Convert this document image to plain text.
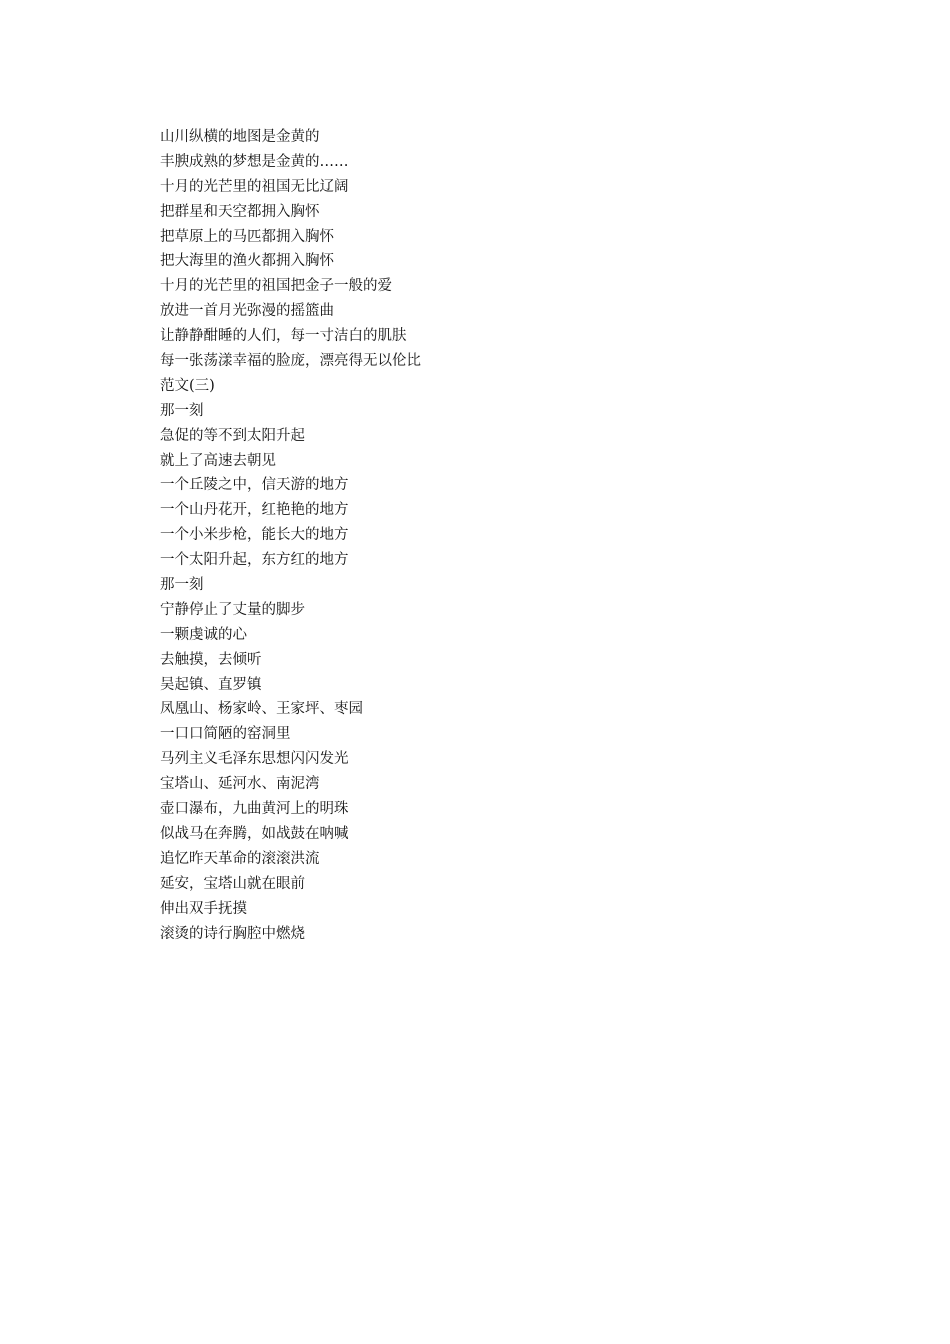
山川纵横的地图是金黄的
丰腴成熟的梦想是金黄的……
十月的光芒里的祖国无比辽阔
把群星和天空都拥入胸怀
把草原上的马匹都拥入胸怀
把大海里的渔火都拥入胸怀
十月的光芒里的祖国把金子一般的爱
放进一首月光弥漫的摇篮曲
让静静酣睡的人们，每一寸洁白的肌肤
每一张荡漾幸福的脸庞，漂亮得无以伦比
范文(三)
那一刻
急促的等不到太阳升起
就上了高速去朝见
一个丘陵之中，信天游的地方
一个山丹花开，红艳艳的地方
一个小米步枪，能长大的地方
一个太阳升起，东方红的地方
那一刻
宁静停止了丈量的脚步
一颗虔诚的心
去触摸，去倾听
吴起镇、直罗镇
凤凰山、杨家岭、王家坪、枣园
一口口简陋的窑洞里
马列主义毛泽东思想闪闪发光
宝塔山、延河水、南泥湾
壶口瀑布，九曲黄河上的明珠
似战马在奔腾，如战鼓在呐喊
追忆昨天革命的滚滚洪流
延安，宝塔山就在眼前
伸出双手抚摸
滚烫的诗行胸腔中燃烧
